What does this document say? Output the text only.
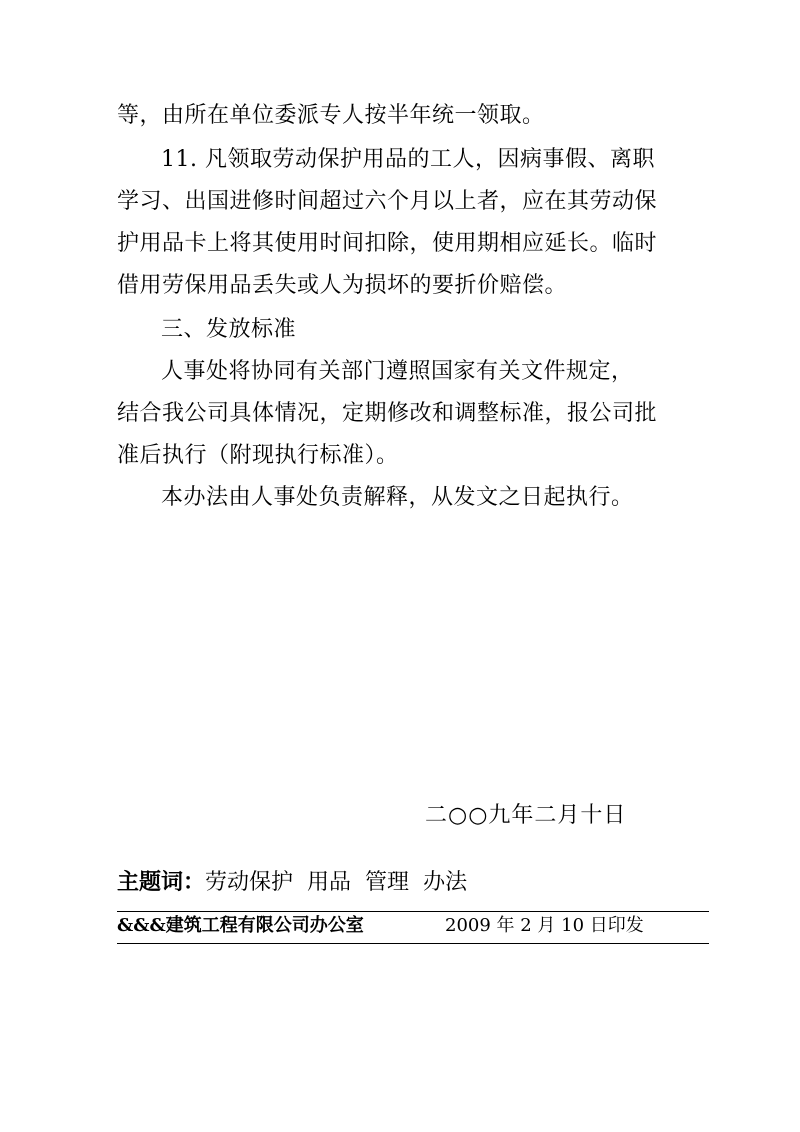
等，由所在单位委派专人按半年统一领取。
11. 凡领取劳动保护用品的工人，因病事假、离职
学习、出国进修时间超过六个月以上者，应在其劳动保
护用品卡上将其使用时间扣除，使用期相应延长。临时
借用劳保用品丢失或人为损坏的要折价赔偿。
三、发放标准
人事处将协同有关部门遵照国家有关文件规定，
结合我公司具体情况，定期修改和调整标准，报公司批
准后执行（附现执行标准）。
本办法由人事处负责解释，从发文之日起执行。
二○○九年二月十日
主题词：劳动保护 用品 管理 办法
&&&建筑工程有限公司办公室	2009 年 2 月 10 日印发
